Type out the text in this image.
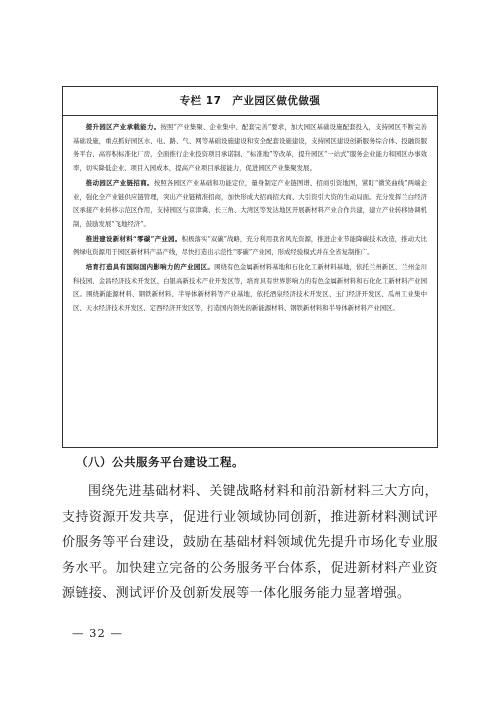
专栏 17　产业园区做优做强

提升园区产业承载能力。按照“产业集聚、企业集中、配套完善”要求，加大园区基础设施配套投入，支持园区不断完善基础设施，重点抓好园区水、电、路、气、网等基础设施建设和安全配套设施建设，支持园区建设创新服务综合体、投融资服务平台、高容积标准化厂房，全面推行企业投资项目承诺制、“标准地”等改革，提升园区“一站式”服务企业能力和园区办事效率，切实降低企业、项目入园成本，提高产业项目承接能力，促进园区产业集聚发展。

推动园区产业链招商。按照各园区产业基础和功能定位，量身制定产业链图谱、招商引资地图，紧盯“微笑曲线”两端企业，强化全产业链供应链管理，突出产业链精准招商，加快形成大招商招大商、大引资引大资的生动局面。充分发挥兰白经济区承接产业转移示范区作用，支持园区与京津冀、长三角、大湾区等发达地区开展新材料产业合作共建，建立产业转移协调机制，鼓励发展“飞地经济”。

推进建设新材料“零碳”产业园。积极落实“双碳”战略，充分利用我省风光资源，推进企业节能降碳技术改造，推动大比例绿电资源用于园区新材料产品产线，尽快打造出示范性“零碳”产业园，形成经验模式并在全省复制推广。

培育打造具有国际国内影响力的产业园区。围绕有色金属新材料基地和石化化工新材料基地，依托兰州新区、兰州金川科技园、金昌经济技术开发区、白银高新技术产业开发区等，培育具有世界影响力的有色金属新材料和石化化工新材料产业园区。围绕新能源材料、钢铁新材料、半导体新材料等产业基地，依托酒泉经济技术开发区、玉门经济开发区、瓜州工业集中区、天水经济技术开发区、定西经济开发区等，打造国内领先的新能源材料、钢铁新材料和半导体新材料产业园区。

（八）公共服务平台建设工程。

围绕先进基础材料、关键战略材料和前沿新材料三大方向，支持资源开发共享，促进行业领域协同创新，推进新材料测试评价服务等平台建设，鼓励在基础材料领域优先提升市场化专业服务水平。加快建立完备的公务服务平台体系，促进新材料产业资源链接、测试评价及创新发展等一体化服务能力显著增强。

— 32 —
